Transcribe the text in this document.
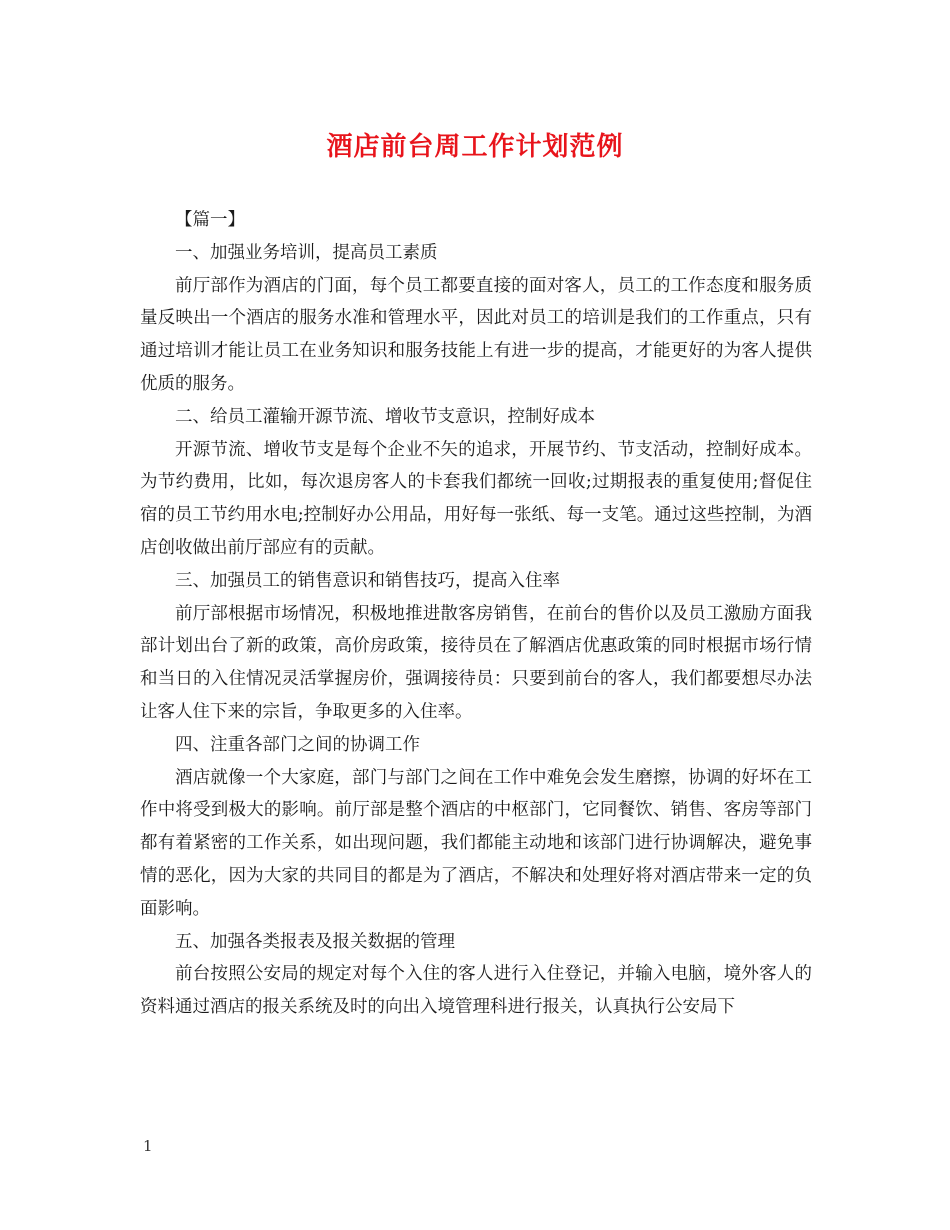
酒店前台周工作计划范例

【篇一】

一、加强业务培训，提高员工素质

前厅部作为酒店的门面，每个员工都要直接的面对客人，员工的工作态度和服务质量反映出一个酒店的服务水准和管理水平，因此对员工的培训是我们的工作重点，只有通过培训才能让员工在业务知识和服务技能上有进一步的提高，才能更好的为客人提供优质的服务。

二、给员工灌输开源节流、增收节支意识，控制好成本

开源节流、增收节支是每个企业不矢的追求，开展节约、节支活动，控制好成本。为节约费用，比如，每次退房客人的卡套我们都统一回收;过期报表的重复使用;督促住宿的员工节约用水电;控制好办公用品，用好每一张纸、每一支笔。通过这些控制，为酒店创收做出前厅部应有的贡献。

三、加强员工的销售意识和销售技巧，提高入住率

前厅部根据市场情况，积极地推进散客房销售，在前台的售价以及员工激励方面我部计划出台了新的政策，高价房政策，接待员在了解酒店优惠政策的同时根据市场行情和当日的入住情况灵活掌握房价，强调接待员：只要到前台的客人，我们都要想尽办法让客人住下来的宗旨，争取更多的入住率。

四、注重各部门之间的协调工作

酒店就像一个大家庭，部门与部门之间在工作中难免会发生磨擦，协调的好坏在工作中将受到极大的影响。前厅部是整个酒店的中枢部门，它同餐饮、销售、客房等部门都有着紧密的工作关系，如出现问题，我们都能主动地和该部门进行协调解决，避免事情的恶化，因为大家的共同目的都是为了酒店，不解决和处理好将对酒店带来一定的负面影响。

五、加强各类报表及报关数据的管理

前台按照公安局的规定对每个入住的客人进行入住登记，并输入电脑，境外客人的资料通过酒店的报关系统及时的向出入境管理科进行报关，认真执行公安局下

1
